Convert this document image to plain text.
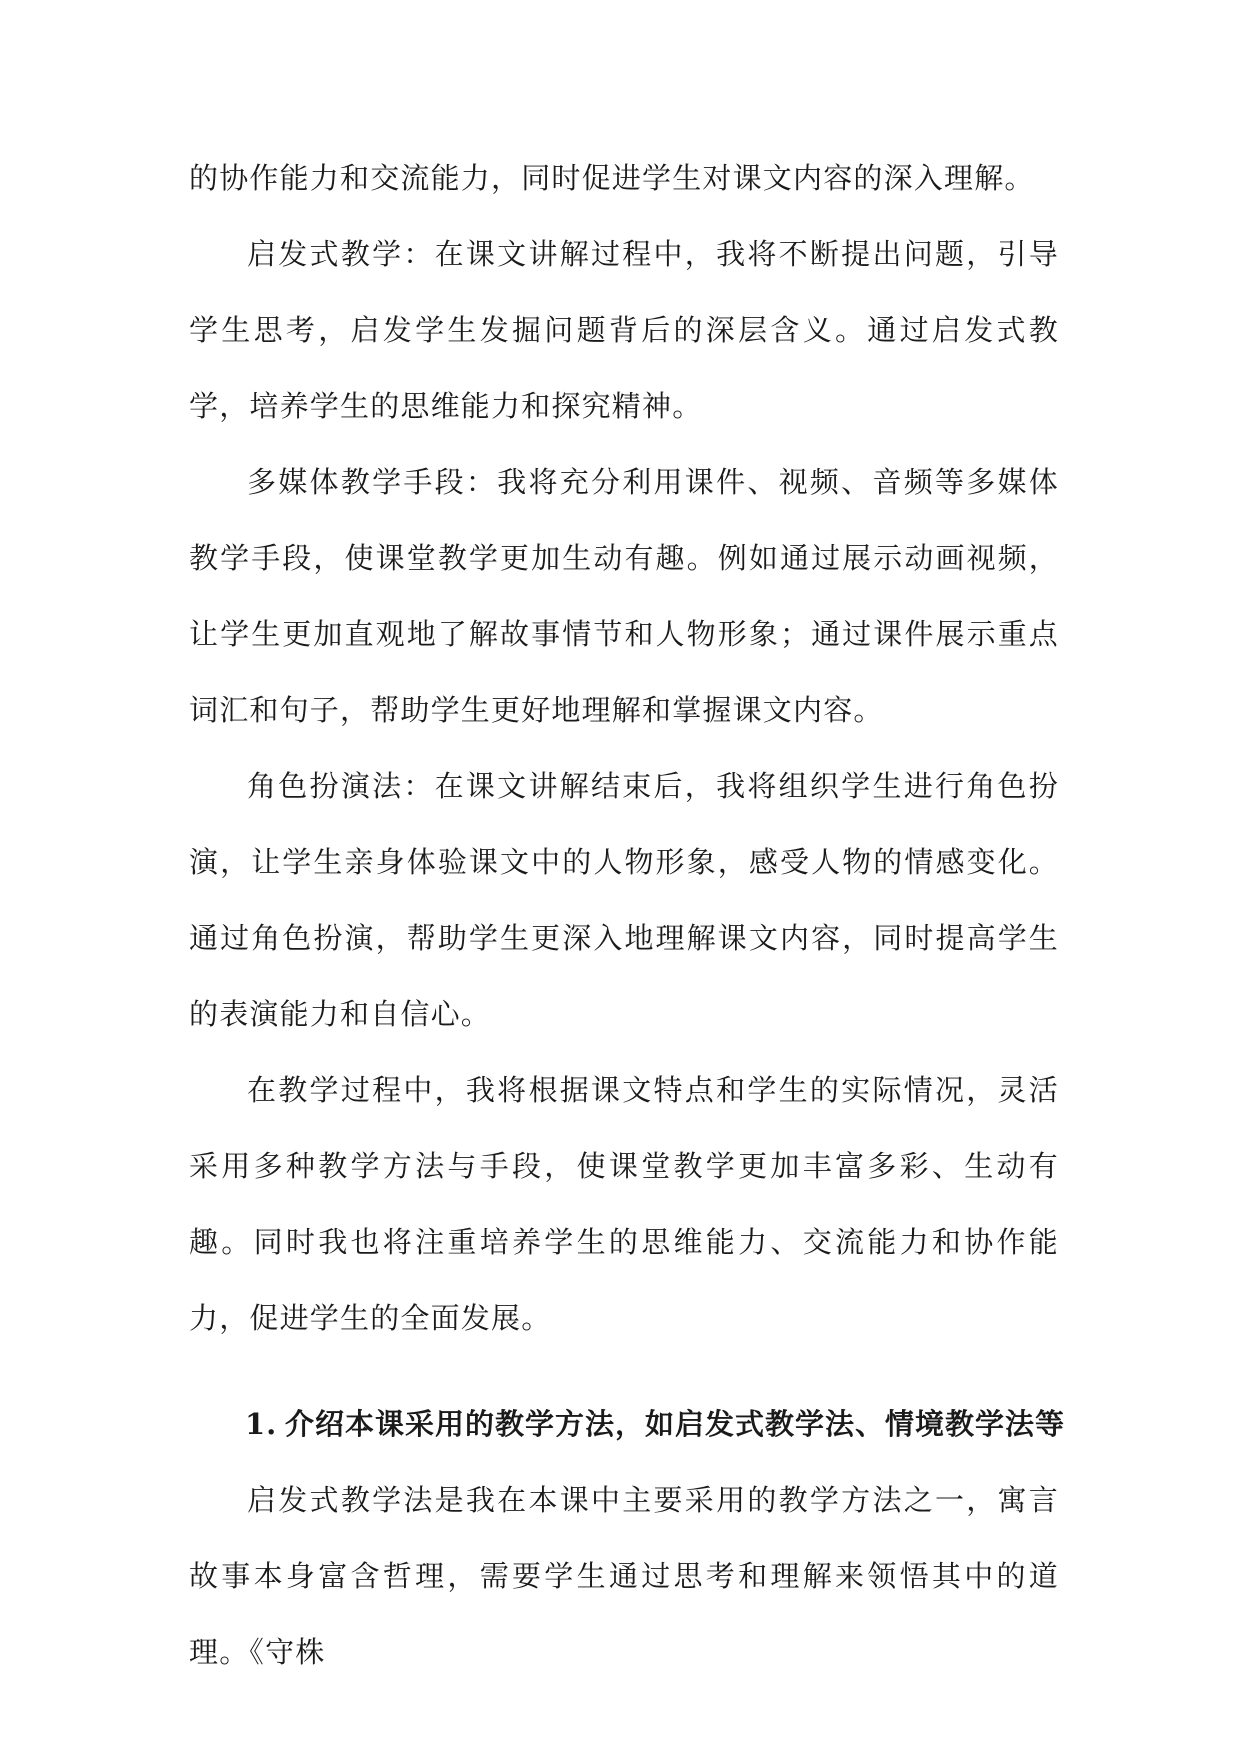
的协作能力和交流能力，同时促进学生对课文内容的深入理解。

启发式教学：在课文讲解过程中，我将不断提出问题，引导学生思考，启发学生发掘问题背后的深层含义。通过启发式教学，培养学生的思维能力和探究精神。

多媒体教学手段：我将充分利用课件、视频、音频等多媒体教学手段，使课堂教学更加生动有趣。例如通过展示动画视频，让学生更加直观地了解故事情节和人物形象；通过课件展示重点词汇和句子，帮助学生更好地理解和掌握课文内容。

角色扮演法：在课文讲解结束后，我将组织学生进行角色扮演，让学生亲身体验课文中的人物形象，感受人物的情感变化。通过角色扮演，帮助学生更深入地理解课文内容，同时提高学生的表演能力和自信心。

在教学过程中，我将根据课文特点和学生的实际情况，灵活采用多种教学方法与手段，使课堂教学更加丰富多彩、生动有趣。同时我也将注重培养学生的思维能力、交流能力和协作能力，促进学生的全面发展。

1. 介绍本课采用的教学方法，如启发式教学法、情境教学法等

启发式教学法是我在本课中主要采用的教学方法之一，寓言故事本身富含哲理，需要学生通过思考和理解来领悟其中的道理。《守株
